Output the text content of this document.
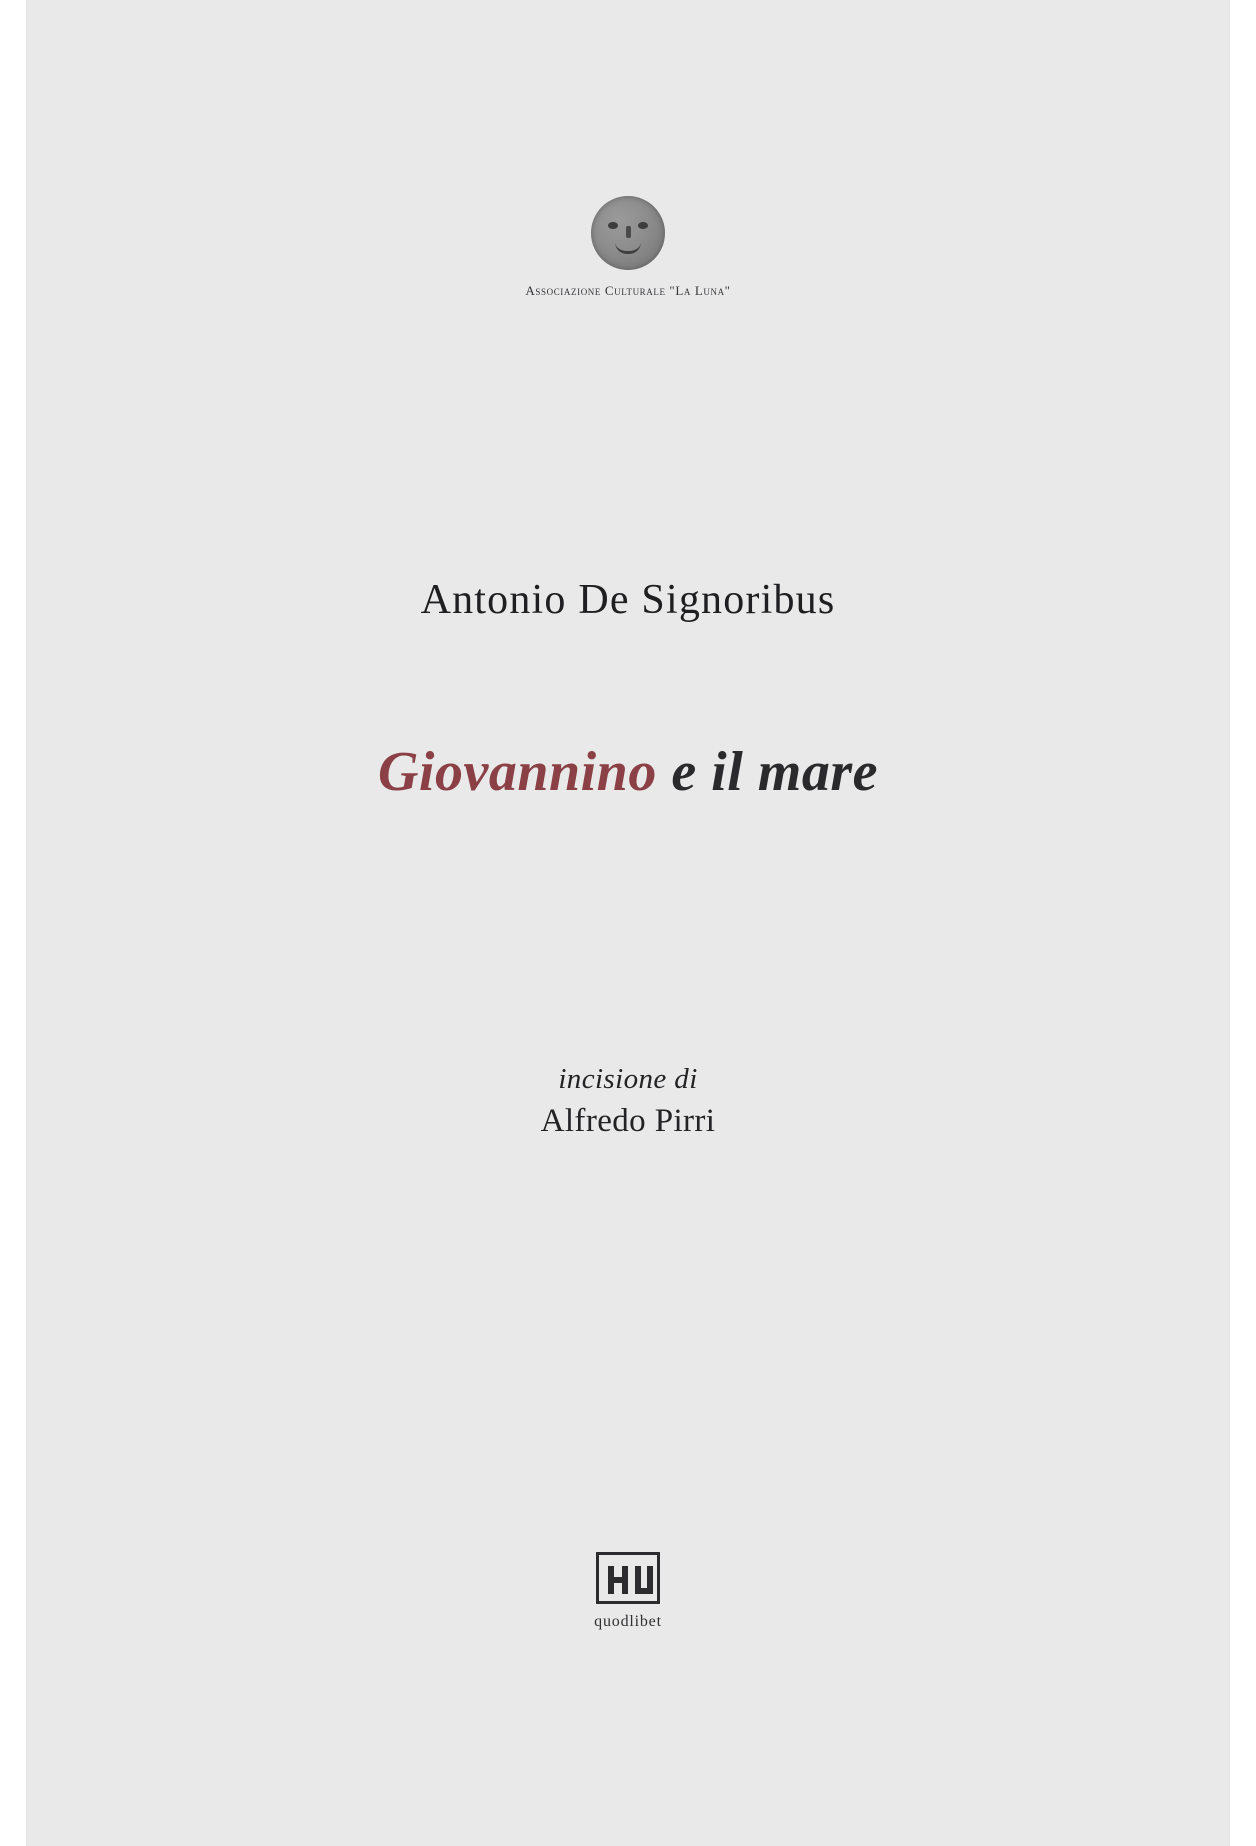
Associazione Culturale "La Luna"
Antonio De Signoribus
Giovannino e il mare
incisione di
Alfredo Pirri
quodlibet
